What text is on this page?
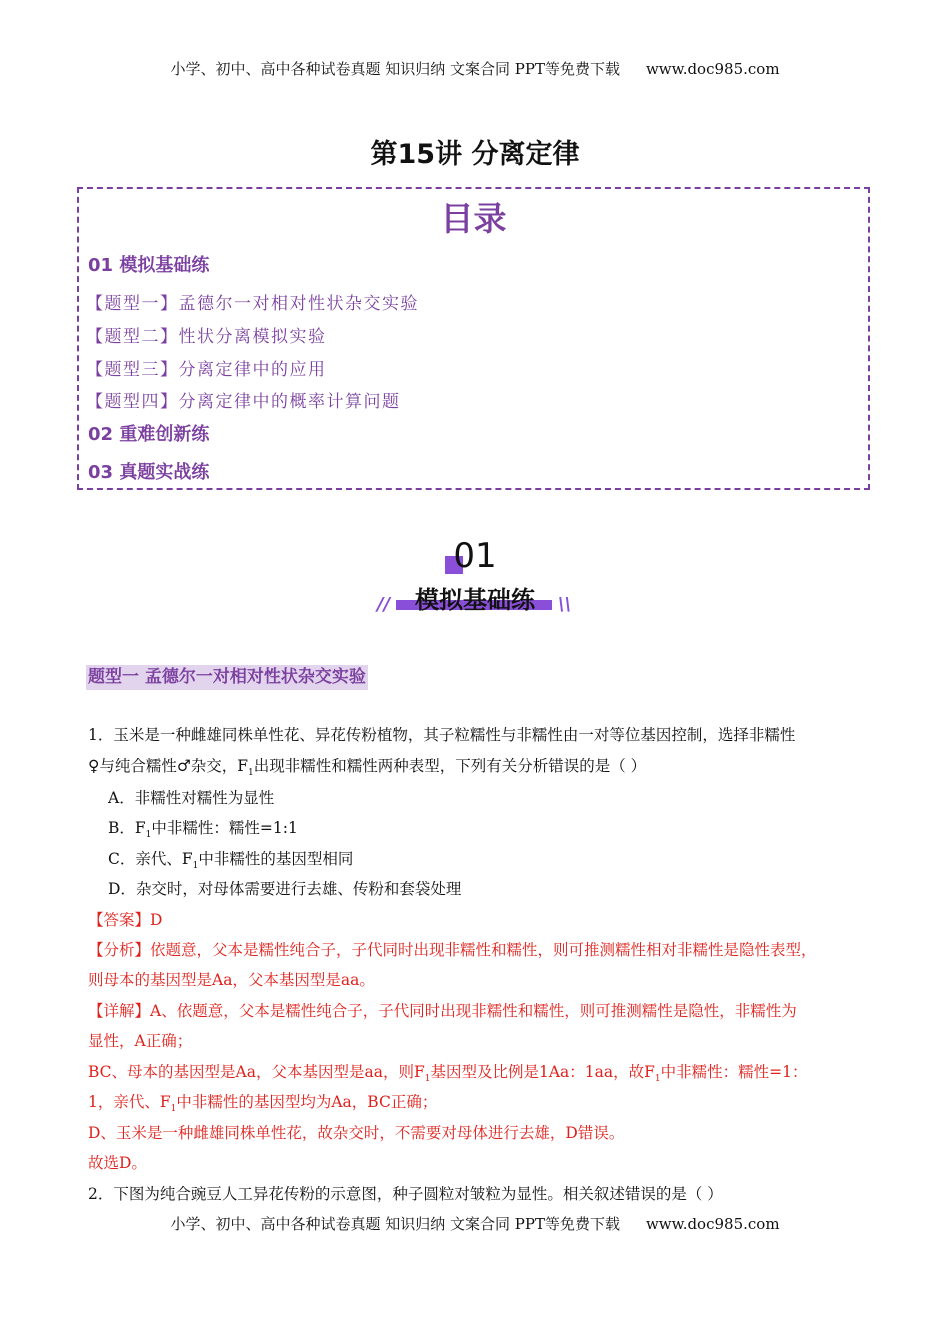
小学、初中、高中各种试卷真题 知识归纳 文案合同 PPT等免费下载 www.doc985.com
第15讲 分离定律
目录
01 模拟基础练
【题型一】孟德尔一对相对性状杂交实验
【题型二】性状分离模拟实验
【题型三】分离定律中的应用
【题型四】分离定律中的概率计算问题
02 重难创新练
03 真题实战练
01
模拟基础练
//	\\
题型一 孟德尔一对相对性状杂交实验
1．玉米是一种雌雄同株单性花、异花传粉植物，其子粒糯性与非糯性由一对等位基因控制，选择非糯性
♀与纯合糯性♂杂交，$F_1$出现非糯性和糯性两种表型，下列有关分析错误的是（ ）
A．非糯性对糯性为显性
B．$F_1$中非糯性：糯性=1:1
C．亲代、$F_1$中非糯性的基因型相同
D．杂交时，对母体需要进行去雄、传粉和套袋处理
【答案】D
【分析】依题意，父本是糯性纯合子，子代同时出现非糯性和糯性，则可推测糯性相对非糯性是隐性表型，
则母本的基因型是Aa，父本基因型是aa。
【详解】A、依题意，父本是糯性纯合子，子代同时出现非糯性和糯性，则可推测糯性是隐性，非糯性为
显性，A正确；
BC、母本的基因型是Aa，父本基因型是aa，则$F_1$基因型及比例是1Aa：1aa，故$F_1$中非糯性：糯性=1：
1，亲代、$F_1$中非糯性的基因型均为Aa，BC正确；
D、玉米是一种雌雄同株单性花，故杂交时，不需要对母体进行去雄，D错误。
故选D。
2．下图为纯合豌豆人工异花传粉的示意图，种子圆粒对皱粒为显性。相关叙述错误的是（ ）
小学、初中、高中各种试卷真题 知识归纳 文案合同 PPT等免费下载 www.doc985.com
